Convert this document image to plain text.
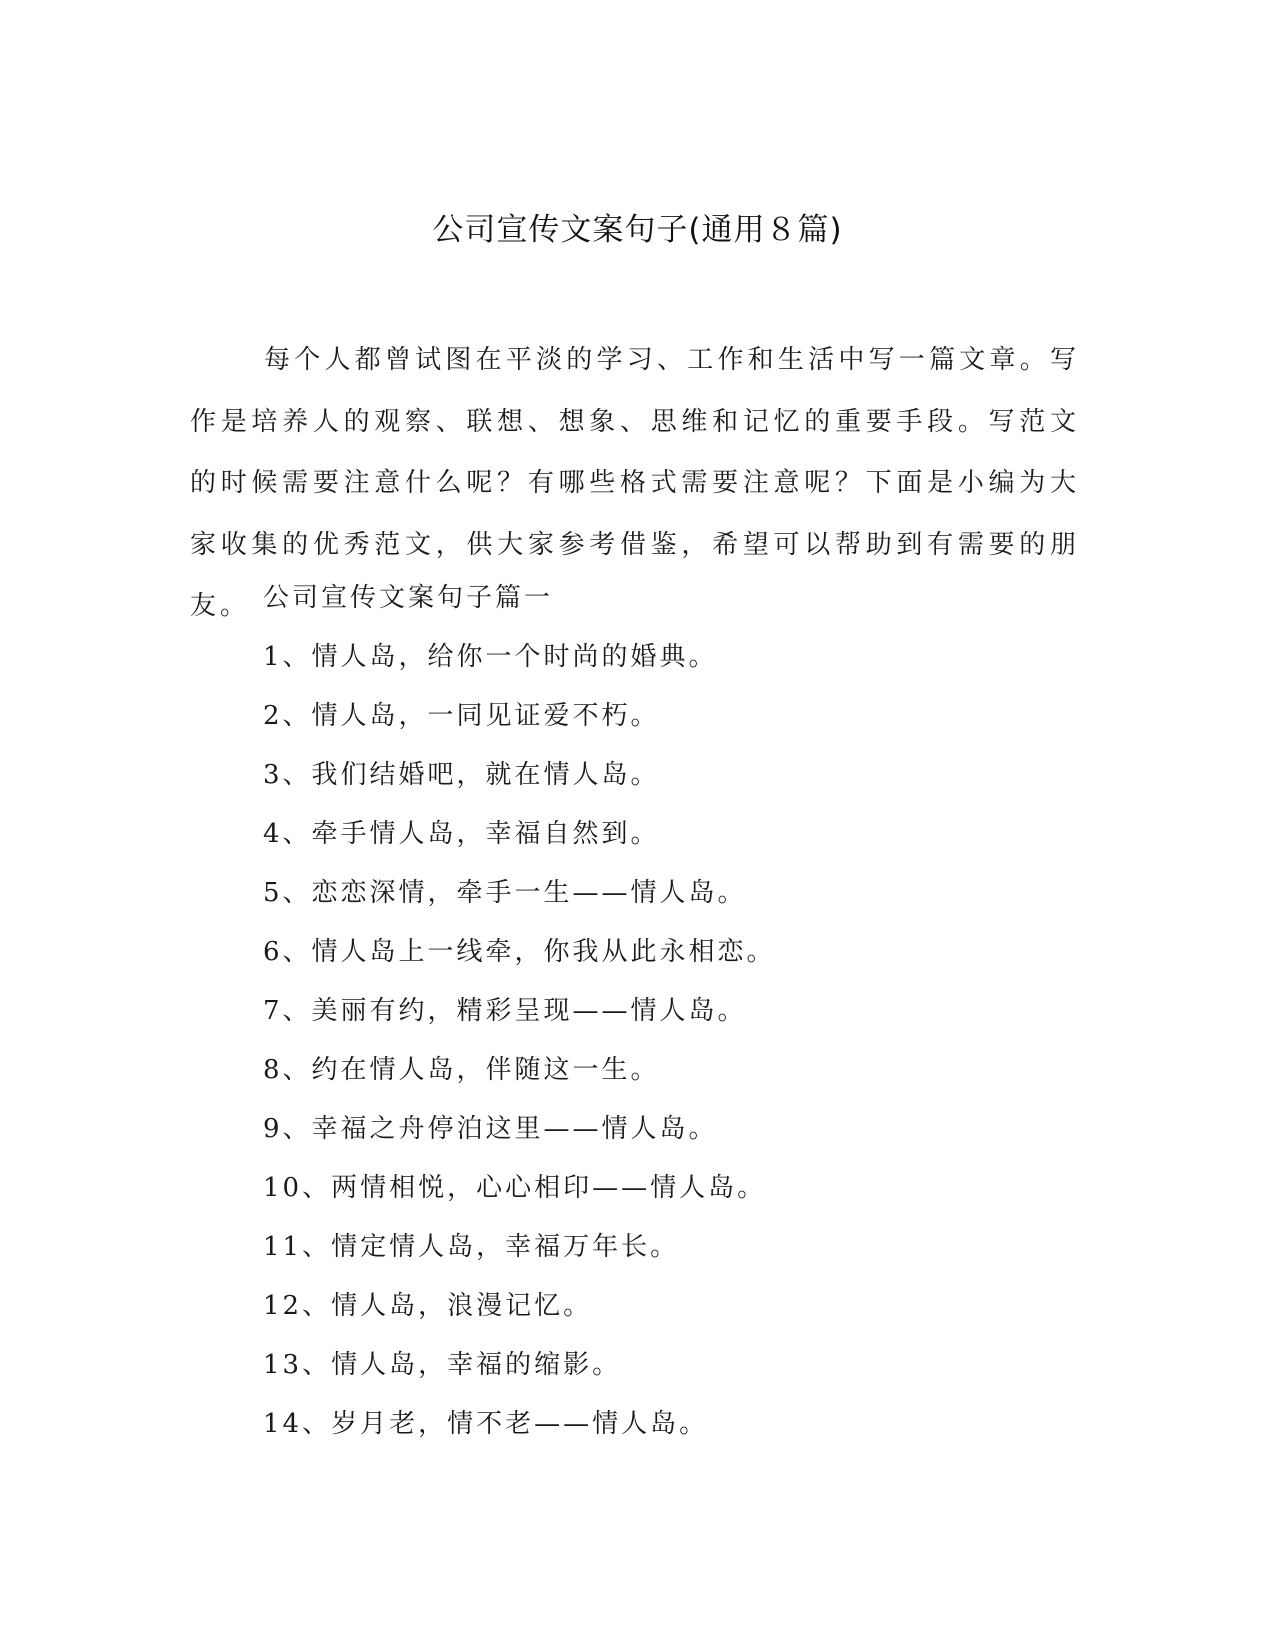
公司宣传文案句子(通用８篇)

每个人都曾试图在平淡的学习、工作和生活中写一篇文章。写作是培养人的观察、联想、想象、思维和记忆的重要手段。写范文的时候需要注意什么呢？有哪些格式需要注意呢？下面是小编为大家收集的优秀范文，供大家参考借鉴，希望可以帮助到有需要的朋友。 公司宣传文案句子篇一
1、情人岛，给你一个时尚的婚典。
2、情人岛，一同见证爱不朽。
3、我们结婚吧，就在情人岛。
4、牵手情人岛，幸福自然到。
5、恋恋深情，牵手一生——情人岛。
6、情人岛上一线牵，你我从此永相恋。
7、美丽有约，精彩呈现——情人岛。
8、约在情人岛，伴随这一生。
9、幸福之舟停泊这里——情人岛。
10、两情相悦，心心相印——情人岛。
11、情定情人岛，幸福万年长。
12、情人岛，浪漫记忆。
13、情人岛，幸福的缩影。
14、岁月老，情不老——情人岛。
